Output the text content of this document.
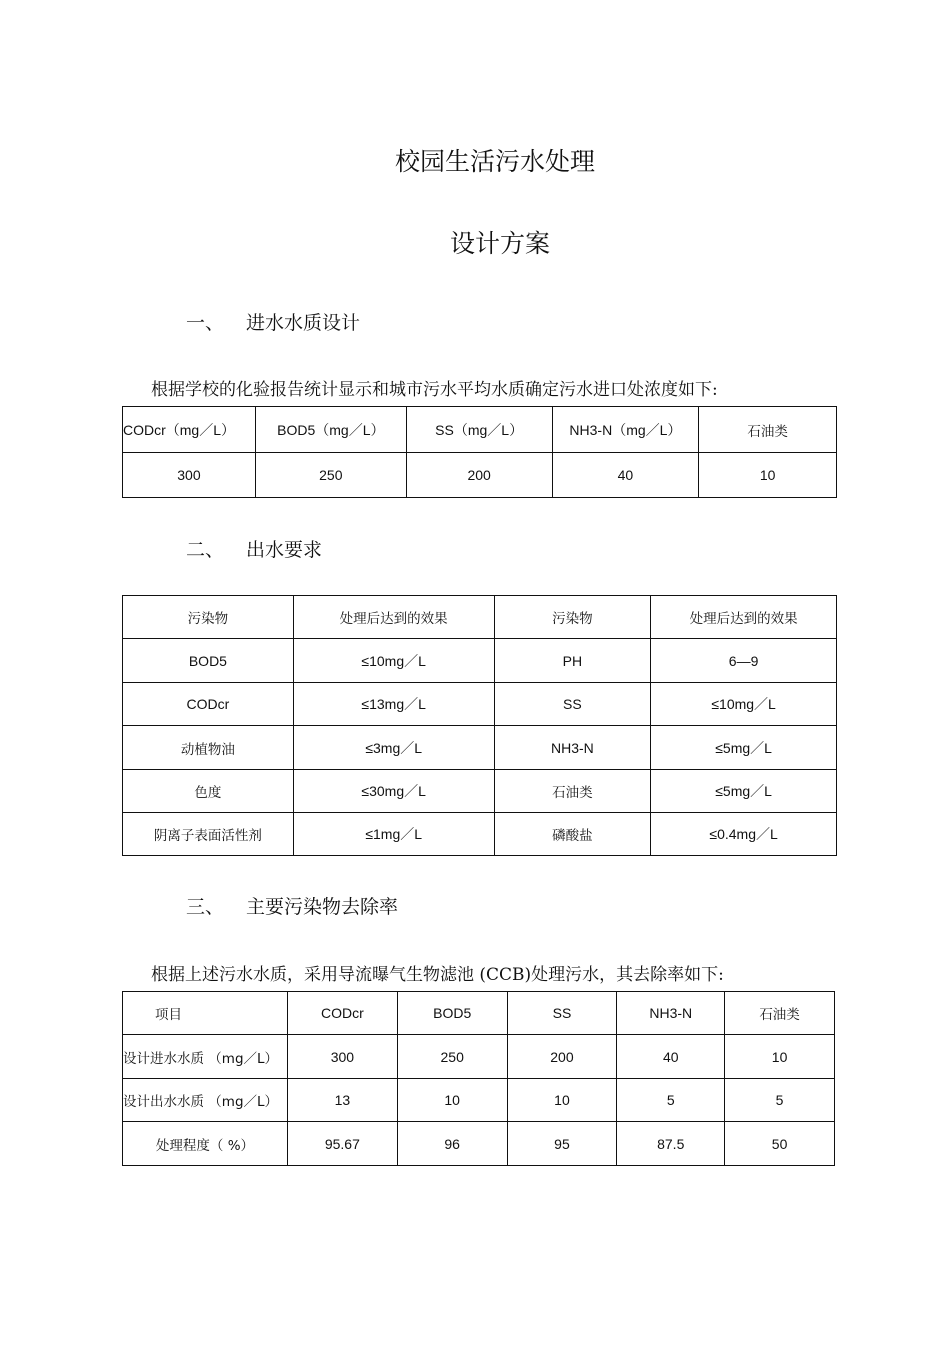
校园生活污水处理
设计方案
一、	进水水质设计

根据学校的化验报告统计显示和城市污水平均水质确定污水进口处浓度如下:

CODcr（mg／L）	BOD5（mg／L）	SS（mg／L）	NH3-N（mg／L）	石油类
300	250	200	40	10
二、	出水要求
污染物	处理后达到的效果	污染物	处理后达到的效果
BOD5	≤10mg／L	PH	6—9
CODcr	≤13mg／L	SS	≤10mg／L
动植物油	≤3mg／L	NH3-N	≤5mg／L
色度	≤30mg／L	石油类	≤5mg／L
阴离子表面活性剂	≤1mg／L	磷酸盐	≤0.4mg／L
三、	主要污染物去除率

根据上述污水水质，采用导流曝气生物滤池 (CCB)处理污水，其去除率如下:

项目	CODcr	BOD5	SS	NH3-N	石油类
设计进水水质 （mg／L）	300	250	200	40	10
设计出水水质 （mg／L）	13	10	10	5	5
处理程度（ %）	95.67	96	95	87.5	50
